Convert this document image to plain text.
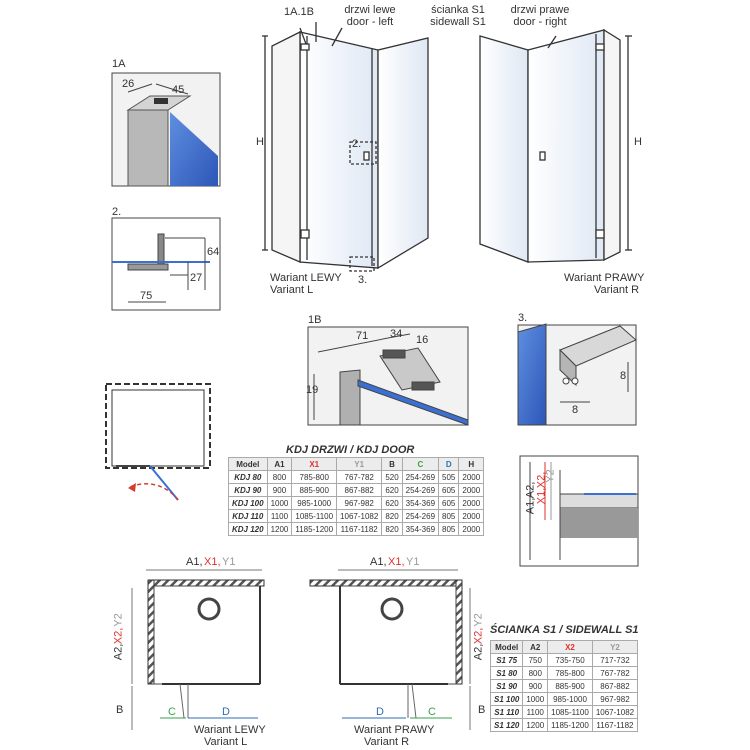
1A.1B	drzwi lewe
door - left
ścianka S1
sidewall S1
drzwi prawe
door - right
H	H
2.
3.
Wariant LEWY
Variant L
Wariant PRAWY
Variant R
1A
26	45
2.
64
27
75
1B
71 34 16
19
3.
8
8
A1,
A2, X1,
X2,
Y2
KDJ DRZWI / KDJ DOOR
Model	A1	X1	Y1	B	C	D	H
KDJ 80	800	785-800	767-782	520	254-269	505	2000
KDJ 90	900	885-900	867-882	620	254-269	605	2000
KDJ 100	1000	985-1000	967-982	620	354-369	605	2000
KDJ 110	1100	1085-1100	1067-1082	820	254-269	805	2000
KDJ 120	1200	1185-1200	1167-1182	820	354-369	805	2000
A1, X1, Y1	A1, X1, Y1
A2,
X2,
Y2
B
A2,
X2,
Y2
B
C	D	D	C
Wariant LEWY
Variant L
Wariant PRAWY
Variant R
ŚCIANKA S1 / SIDEWALL S1
Model	A2	X2	Y2
S1 75	750	735-750	717-732
S1 80	800	785-800	767-782
S1 90	900	885-900	867-882
S1 100	1000	985-1000	967-982
S1 110	1100	1085-1100	1067-1082
S1 120	1200	1185-1200	1167-1182
